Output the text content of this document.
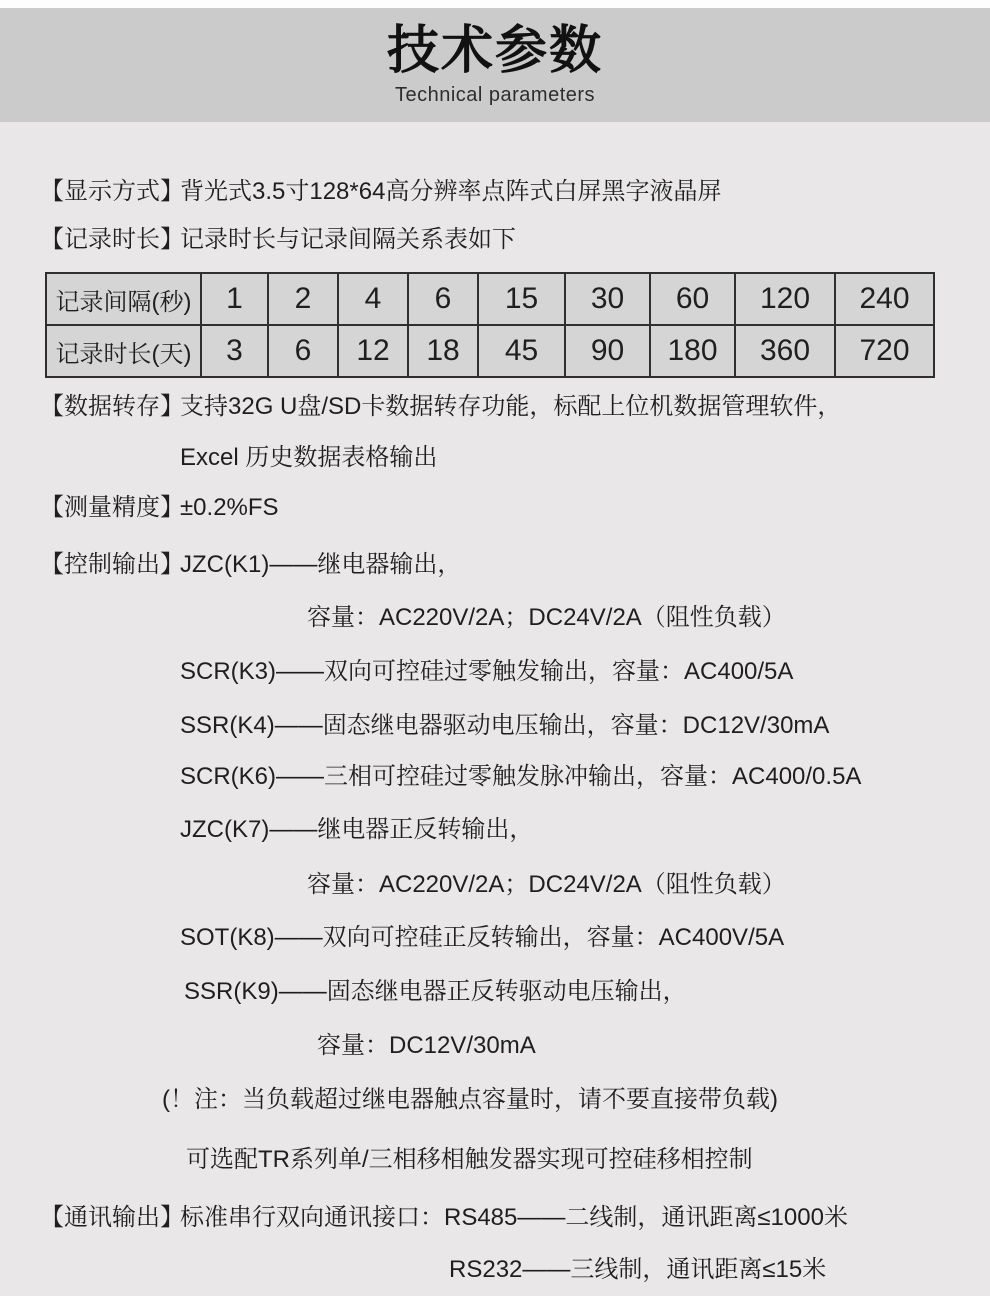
技术参数
Technical parameters
【显示方式】
背光式3.5寸128*64高分辨率点阵式白屏黑字液晶屏
【记录时长】
记录时长与记录间隔关系表如下
记录间隔(秒)	1	2	4	6	15	30	60	120	240
记录时长(天)	3	6	12	18	45	90	180	360	720
【数据转存】
支持32G U盘/SD卡数据转存功能，标配上位机数据管理软件，
Excel 历史数据表格输出
【测量精度】
±0.2%FS
【控制输出】
JZC(K1)——继电器输出，
容量：AC220V/2A；DC24V/2A（阻性负载）
SCR(K3)——双向可控硅过零触发输出，容量：AC400/5A
SSR(K4)——固态继电器驱动电压输出，容量：DC12V/30mA
SCR(K6)——三相可控硅过零触发脉冲输出，容量：AC400/0.5A
JZC(K7)——继电器正反转输出，
容量：AC220V/2A；DC24V/2A（阻性负载）
SOT(K8)——双向可控硅正反转输出，容量：AC400V/5A
SSR(K9)——固态继电器正反转驱动电压输出，
容量：DC12V/30mA
(！注：当负载超过继电器触点容量时，请不要直接带负载)
可选配TR系列单/三相移相触发器实现可控硅移相控制
【通讯输出】
标准串行双向通讯接口：RS485——二线制，通讯距离≤1000米
RS232——三线制，通讯距离≤15米
